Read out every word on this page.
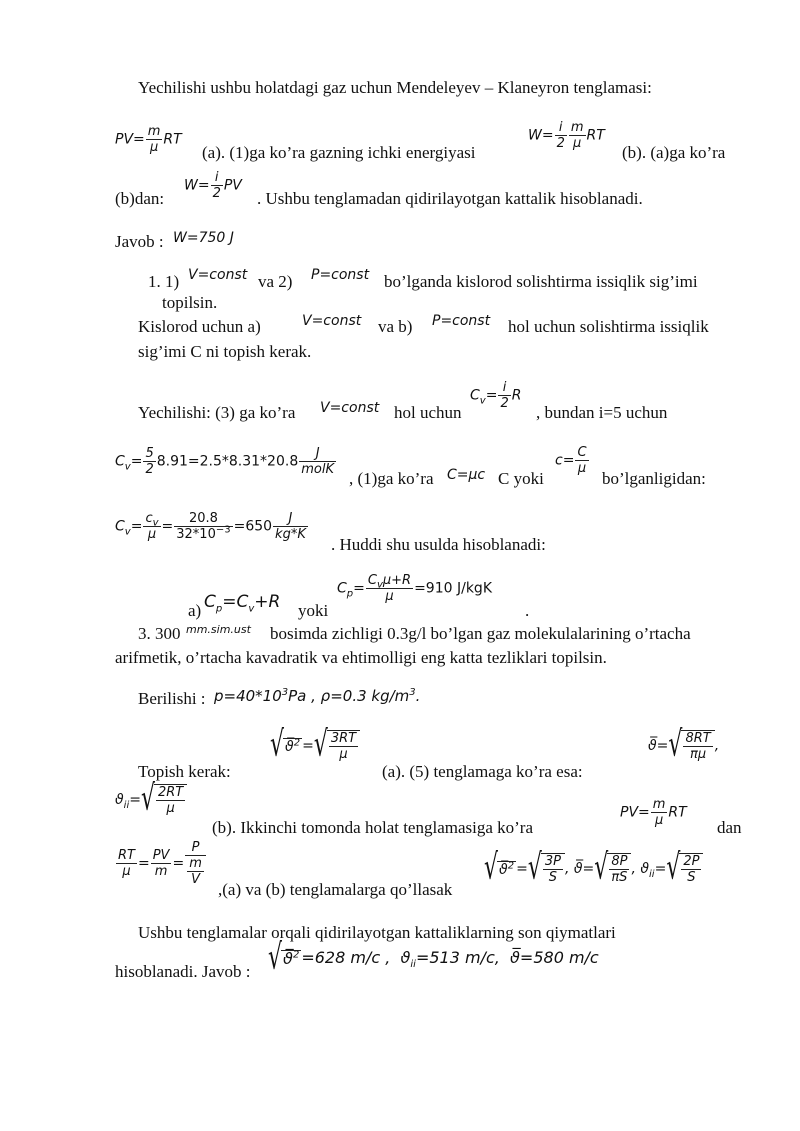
Yechilishi ushbu holatdagi gaz uchun Mendeleyev – Klaneyron tenglamasi:
$PV= \frac{m}{\mu}$ RT
(a). (1)ga ko’ra gazning ichki energiyasi
$W= \frac{i}{2} \frac{m}{\mu}$ RT
(b). (a)ga ko’ra
(b)dan:
$W= \frac{i}{2}$ PV
. Ushbu tenglamadan qidirilayotgan kattalik hisoblanadi.
Javob : W=750 J
1. 1) V=const va 2) P=const bo’lganda kislorod solishtirma issiqlik sig’imi
topilsin.
Kislorod uchun a)	V=const va b) P=const hol uchun solishtirma issiqlik
sig’imi C ni topish kerak.
Yechilishi: (3) ga ko’ra V=const hol uchun
$C_v= \frac{i}{2}$ R
, bundan i=5 uchun
$C_v= \frac{5}{2} 8.91=2.5*8.31*20.8$	J
molK , (1)ga ko’ra C=μc C yoki
$c= \frac{C}{\mu}$
bo’lganligidan:
$C_v= \frac{c_v}{\mu} = \frac{20.8}{32*10^{-3}} =650 \frac{J}{kg*K}$
. Huddi shu usulda hisoblanadi:
a) $C_p=C_v+R$ yoki
$C_p= C_v\mu+R$
μ	=910 J/kgK
.
3. 300 mm.sim.ust bosimda zichligi 0.3g/l bo’lgan gaz molekulalarining o’rtacha
arifmetik, o’rtacha kavadratik va ehtimolligi eng katta tezliklari topilsin.
Berilishi : $p=40*10^3Pa$ , ρ=0.3 $kg/m^3$.
Topish kerak:
√ϑ̅$^2$ =√ $\frac{3RT}{\mu}$
(a). (5) tenglamaga ko’ra esa:
ϑ̅=√ $\frac{8RT}{\pi\mu}$ ,
$ϑ_{ii}=√ \frac{2RT}{\mu}$
(b). Ikkinchi tomonda holat tenglamasiga ko’ra
$PV= \frac{m}{\mu}$ RT
dan
$\frac{RT}{\mu} = \frac{PV}{m} = \frac{P}{\frac{m}{V}}$
,(a) va (b) tenglamalarga qo’llasak
√ϑ̅$^2$ =√ $\frac{3P}{S}$ , ϑ̅=√ $\frac{8P}{\pi S}$ , $ϑ_{ii}=√ \frac{2P}{S}$
Ushbu tenglamalar orqali qidirilayotgan kattaliklarning son qiymatlari
hisoblanadi. Javob : √ϑ̅$^2$ =628 m/c ,  $ϑ_{ii}=513$ m/c,  ϑ̅=580 m/c
